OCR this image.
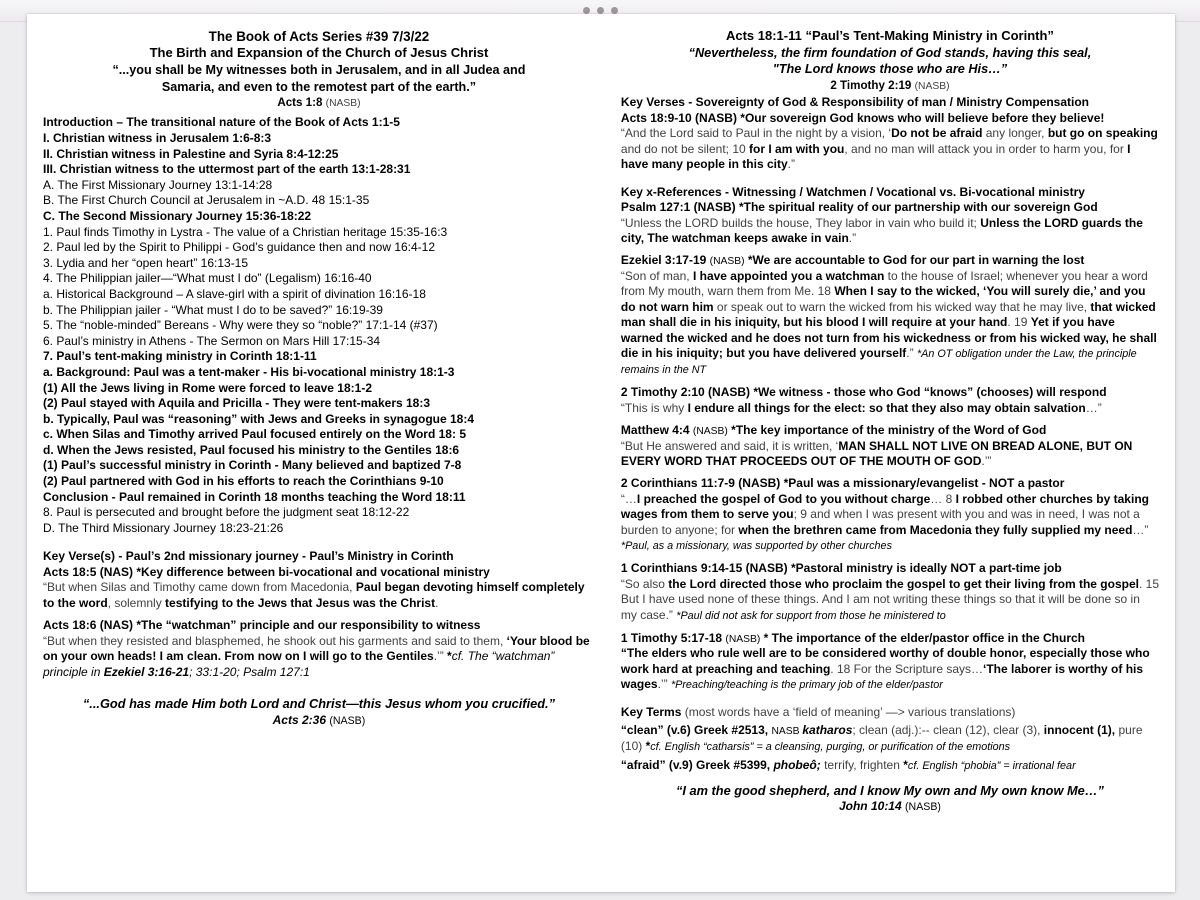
The Book of Acts Series #39 7/3/22
The Birth and Expansion of the Church of Jesus Christ
“...you shall be My witnesses both in Jerusalem, and in all Judea and
Samaria, and even to the remotest part of the earth.”
Acts 1:8 (NASB)
Introduction – The transitional nature of the Book of Acts 1:1-5
I. Christian witness in Jerusalem 1:6-8:3
II. Christian witness in Palestine and Syria 8:4-12:25
III. Christian witness to the uttermost part of the earth 13:1-28:31
A. The First Missionary Journey 13:1-14:28
B. The First Church Council at Jerusalem in ~A.D. 48 15:1-35
C. The Second Missionary Journey 15:36-18:22
1. Paul finds Timothy in Lystra - The value of a Christian heritage 15:35-16:3
2. Paul led by the Spirit to Philippi - God’s guidance then and now 16:4-12
3. Lydia and her “open heart” 16:13-15
4. The Philippian jailer—“What must I do” (Legalism) 16:16-40
a. Historical Background – A slave-girl with a spirit of divination 16:16-18
b. The Philippian jailer - “What must I do to be saved?” 16:19-39
5. The “noble-minded” Bereans - Why were they so “noble?” 17:1-14 (#37)
6. Paul’s ministry in Athens - The Sermon on Mars Hill 17:15-34
7. Paul’s tent-making ministry in Corinth 18:1-11
a. Background: Paul was a tent-maker - His bi-vocational ministry 18:1-3
(1) All the Jews living in Rome were forced to leave 18:1-2
(2) Paul stayed with Aquila and Pricilla - They were tent-makers 18:3
b. Typically, Paul was “reasoning” with Jews and Greeks in synagogue 18:4
c. When Silas and Timothy arrived Paul focused entirely on the Word 18: 5
d. When the Jews resisted, Paul focused his ministry to the Gentiles 18:6
(1) Paul’s successful ministry in Corinth - Many believed and baptized 7-8
(2) Paul partnered with God in his efforts to reach the Corinthians 9-10
Conclusion - Paul remained in Corinth 18 months teaching the Word 18:11
8. Paul is persecuted and brought before the judgment seat 18:12-22
D. The Third Missionary Journey 18:23-21:26
Key Verse(s) - Paul’s 2nd missionary journey - Paul’s Ministry in Corinth
Acts 18:5 (NAS) *Key difference between bi-vocational and vocational ministry
“But when Silas and Timothy came down from Macedonia, Paul began devoting himself completely to the word, solemnly testifying to the Jews that Jesus was the Christ.
Acts 18:6 (NAS) *The “watchman” principle and our responsibility to witness
“But when they resisted and blasphemed, he shook out his garments and said to them, ‘Your blood be on your own heads! I am clean. From now on I will go to the Gentiles.’” *cf. The “watchman” principle in Ezekiel 3:16-21; 33:1-20; Psalm 127:1
“...God has made Him both Lord and Christ—this Jesus whom you crucified.”
Acts 2:36 (NASB)
Acts 18:1-11 “Paul’s Tent-Making Ministry in Corinth”
“Nevertheless, the firm foundation of God stands, having this seal,
"The Lord knows those who are His…”
2 Timothy 2:19 (NASB)
Key Verses - Sovereignty of God & Responsibility of man / Ministry Compensation
Acts 18:9-10 (NASB) *Our sovereign God knows who will believe before they believe!
“And the Lord said to Paul in the night by a vision, ‘Do not be afraid any longer, but go on speaking and do not be silent; 10 for I am with you, and no man will attack you in order to harm you, for I have many people in this city.”
Key x-References - Witnessing / Watchmen / Vocational vs. Bi-vocational ministry
Psalm 127:1 (NASB) *The spiritual reality of our partnership with our sovereign God
“Unless the LORD builds the house, They labor in vain who build it; Unless the LORD guards the city, The watchman keeps awake in vain.”
Ezekiel 3:17-19 (NASB) *We are accountable to God for our part in warning the lost
“Son of man, I have appointed you a watchman to the house of Israel; whenever you hear a word from My mouth, warn them from Me. 18 When I say to the wicked, ‘You will surely die,’ and you do not warn him or speak out to warn the wicked from his wicked way that he may live, that wicked man shall die in his iniquity, but his blood I will require at your hand. 19 Yet if you have warned the wicked and he does not turn from his wickedness or from his wicked way, he shall die in his iniquity; but you have delivered yourself.” *An OT obligation under the Law, the principle remains in the NT
2 Timothy 2:10 (NASB) *We witness - those who God “knows” (chooses) will respond
“This is why I endure all things for the elect: so that they also may obtain salvation…”
Matthew 4:4 (NASB) *The key importance of the ministry of the Word of God
“But He answered and said, it is written, ‘MAN SHALL NOT LIVE ON BREAD ALONE, BUT ON EVERY WORD THAT PROCEEDS OUT OF THE MOUTH OF GOD.’”
2 Corinthians 11:7-9 (NASB) *Paul was a missionary/evangelist - NOT a pastor
“…I preached the gospel of God to you without charge… 8 I robbed other churches by taking wages from them to serve you; 9 and when I was present with you and was in need, I was not a burden to anyone; for when the brethren came from Macedonia they fully supplied my need…” *Paul, as a missionary, was supported by other churches
1 Corinthians 9:14-15 (NASB) *Pastoral ministry is ideally NOT a part-time job
“So also the Lord directed those who proclaim the gospel to get their living from the gospel. 15 But I have used none of these things. And I am not writing these things so that it will be done so in my case.” *Paul did not ask for support from those he ministered to
1 Timothy 5:17-18 (NASB) * The importance of the elder/pastor office in the Church
“The elders who rule well are to be considered worthy of double honor, especially those who work hard at preaching and teaching. 18 For the Scripture says…‘The laborer is worthy of his wages.’” *Preaching/teaching is the primary job of the elder/pastor
Key Terms (most words have a ‘field of meaning’ —> various translations)
“clean” (v.6) Greek #2513, NASB katharos; clean (adj.):-- clean (12), clear (3), innocent (1), pure (10) *cf. English “catharsis” = a cleansing, purging, or purification of the emotions
“afraid” (v.9) Greek #5399, phobeô; terrify, frighten *cf. English “phobia” = irrational fear
“I am the good shepherd, and I know My own and My own know Me…”
John 10:14 (NASB)
